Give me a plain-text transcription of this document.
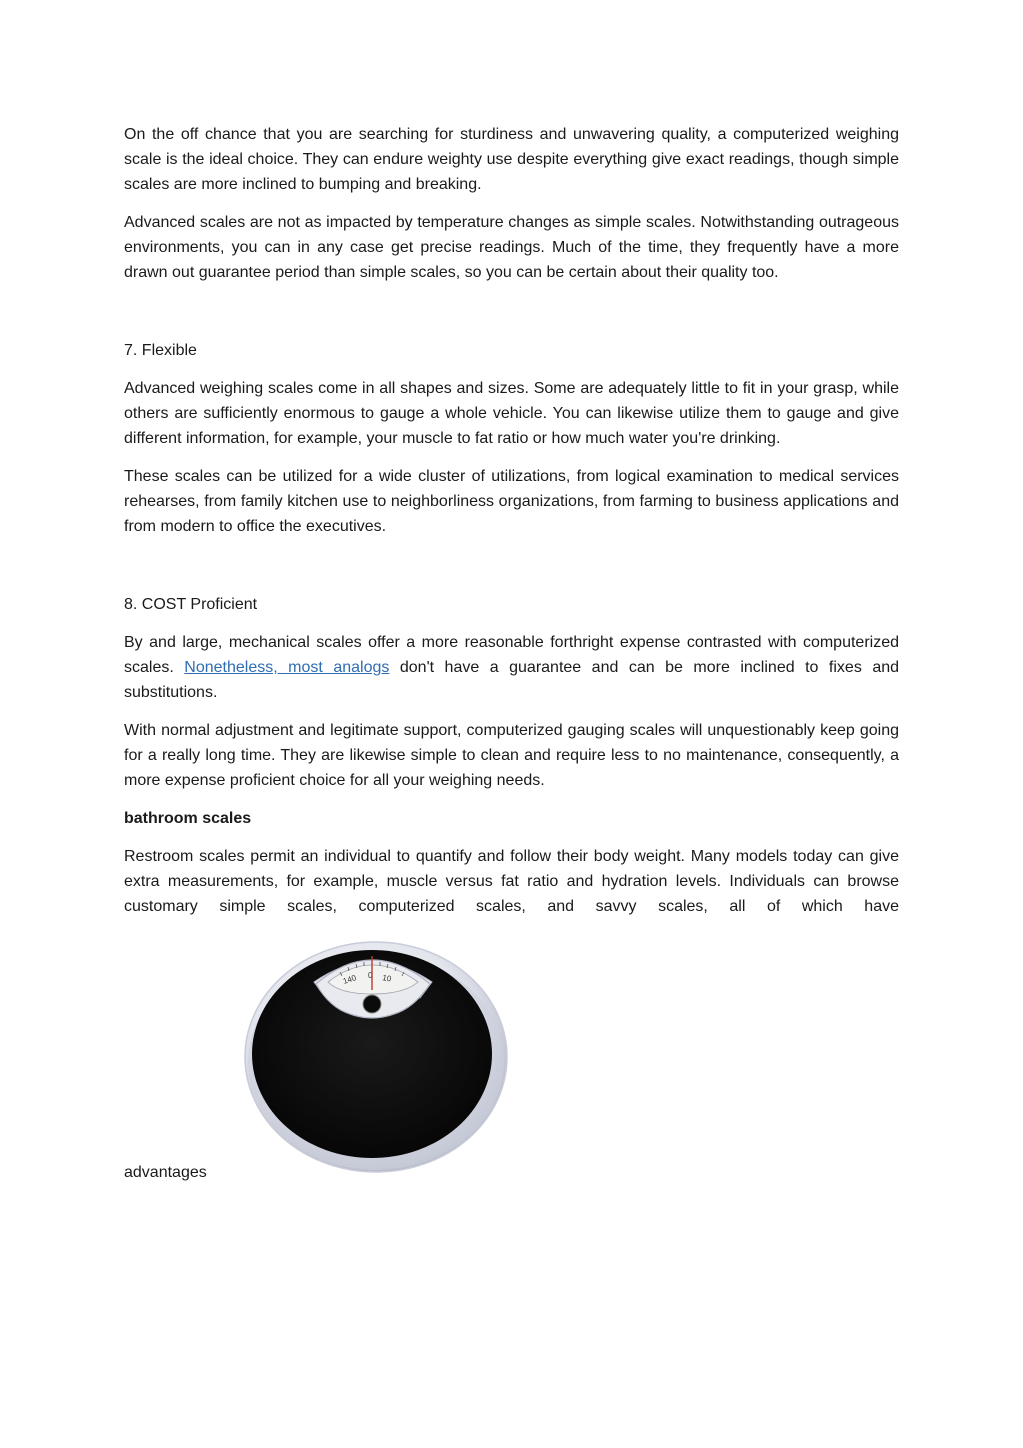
On the off chance that you are searching for sturdiness and unwavering quality, a computerized weighing scale is the ideal choice. They can endure weighty use despite everything give exact readings, though simple scales are more inclined to bumping and breaking.

Advanced scales are not as impacted by temperature changes as simple scales. Notwithstanding outrageous environments, you can in any case get precise readings. Much of the time, they frequently have a more drawn out guarantee period than simple scales, so you can be certain about their quality too.

7. Flexible

Advanced weighing scales come in all shapes and sizes. Some are adequately little to fit in your grasp, while others are sufficiently enormous to gauge a whole vehicle. You can likewise utilize them to gauge and give different information, for example, your muscle to fat ratio or how much water you're drinking.

These scales can be utilized for a wide cluster of utilizations, from logical examination to medical services rehearses, from family kitchen use to neighborliness organizations, from farming to business applications and from modern to office the executives.

8. COST Proficient

By and large, mechanical scales offer a more reasonable forthright expense contrasted with computerized scales. Nonetheless, most analogs don't have a guarantee and can be more inclined to fixes and substitutions.

With normal adjustment and legitimate support, computerized gauging scales will unquestionably keep going for a really long time. They are likewise simple to clean and require less to no maintenance, consequently, a more expense proficient choice for all your weighing needs.

bathroom scales

Restroom scales permit an individual to quantify and follow their body weight. Many models today can give extra measurements, for example, muscle versus fat ratio and hydration levels. Individuals can browse customary simple scales, computerized scales, and savvy scales, all of which have

140 0 10
advantages
